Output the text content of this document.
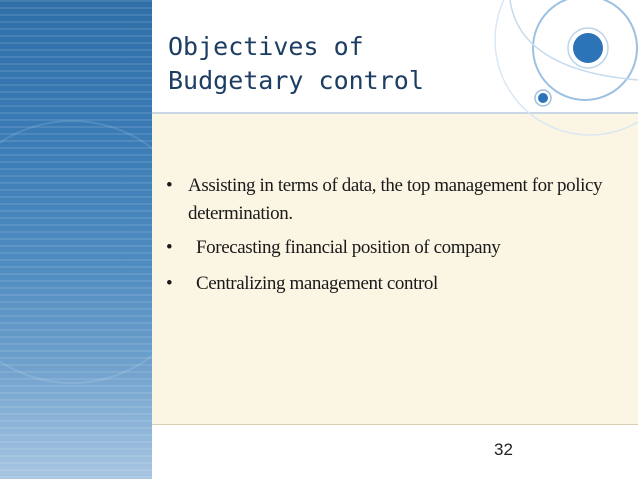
Objectives of
Budgetary control
• Assisting in terms of data, the top management for policy determination.
• Forecasting financial position of company
• Centralizing management control
32
